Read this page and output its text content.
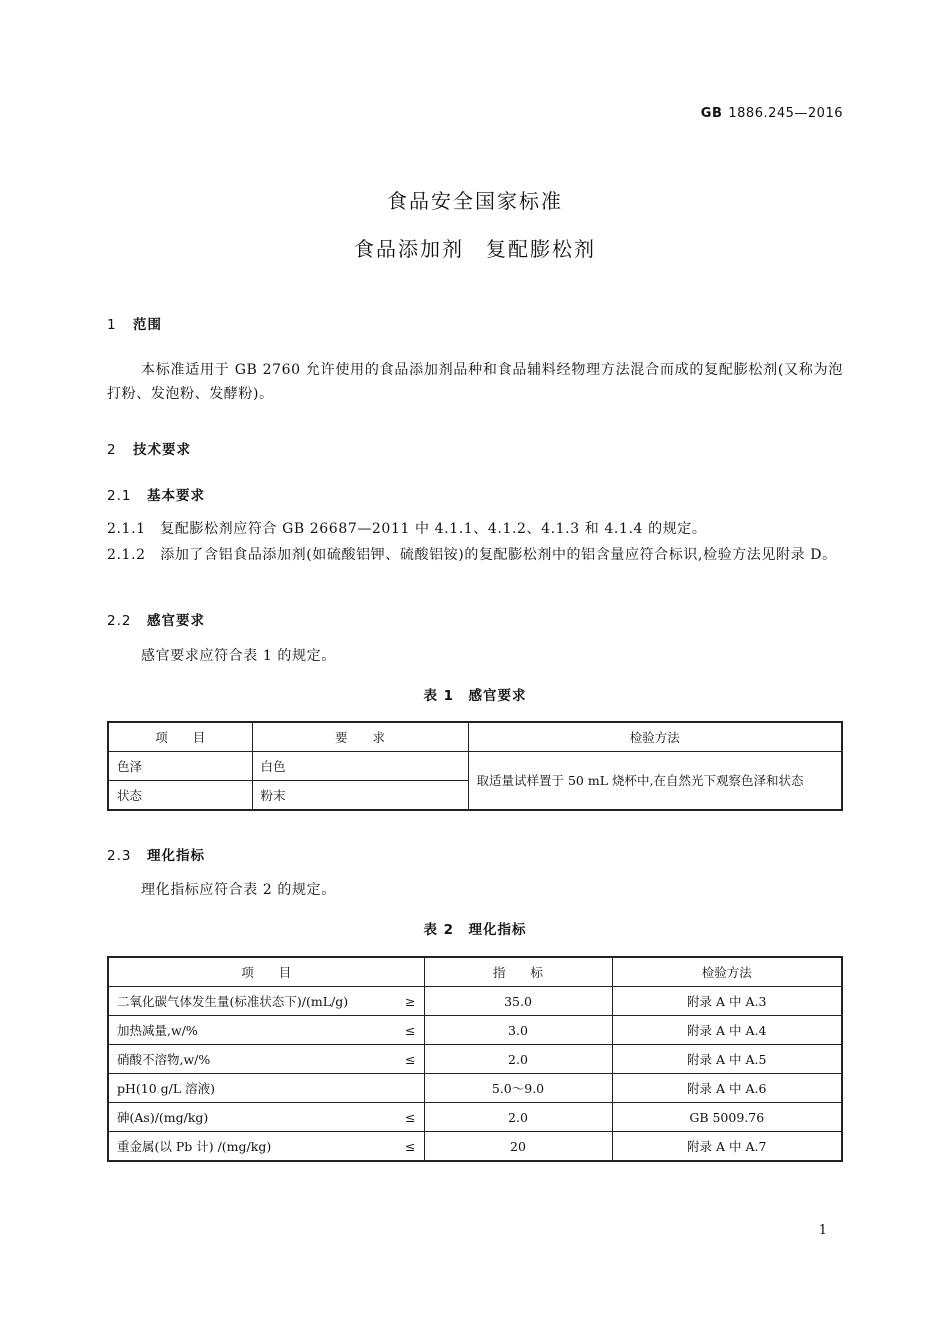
GB 1886.245—2016
食品安全国家标准
食品添加剂　复配膨松剂
1 范围
本标准适用于 GB 2760 允许使用的食品添加剂品种和食品辅料经物理方法混合而成的复配膨松剂(又称为泡打粉、发泡粉、发酵粉)。
2 技术要求
2.1 基本要求
2.1.1　复配膨松剂应符合 GB 26687—2011 中 4.1.1、4.1.2、4.1.3 和 4.1.4 的规定。
2.1.2　添加了含铝食品添加剂(如硫酸铝钾、硫酸铝铵)的复配膨松剂中的铝含量应符合标识,检验方法见附录 D。
2.2 感官要求
感官要求应符合表 1 的规定。
表 1　感官要求
项　　目	要　　求	检验方法
色泽	白色	取适量试样置于 50 mL 烧杯中,在自然光下观察色泽和状态
状态	粉末	
2.3 理化指标
理化指标应符合表 2 的规定。
表 2　理化指标
项　　目	指　　标	检验方法

二氧化碳气体发生量(标准状态下)/(mL/g) ≥	35.0	附录 A 中 A.3

加热减量,w/% ≤	3.0	附录 A 中 A.4

硝酸不溶物,w/% ≤	2.0	附录 A 中 A.5

pH(10 g/L 溶液)	5.0～9.0	附录 A 中 A.6

砷(As)/(mg/kg) ≤	2.0	GB 5009.76

重金属(以 Pb 计) /(mg/kg) ≤	20	附录 A 中 A.7
1
